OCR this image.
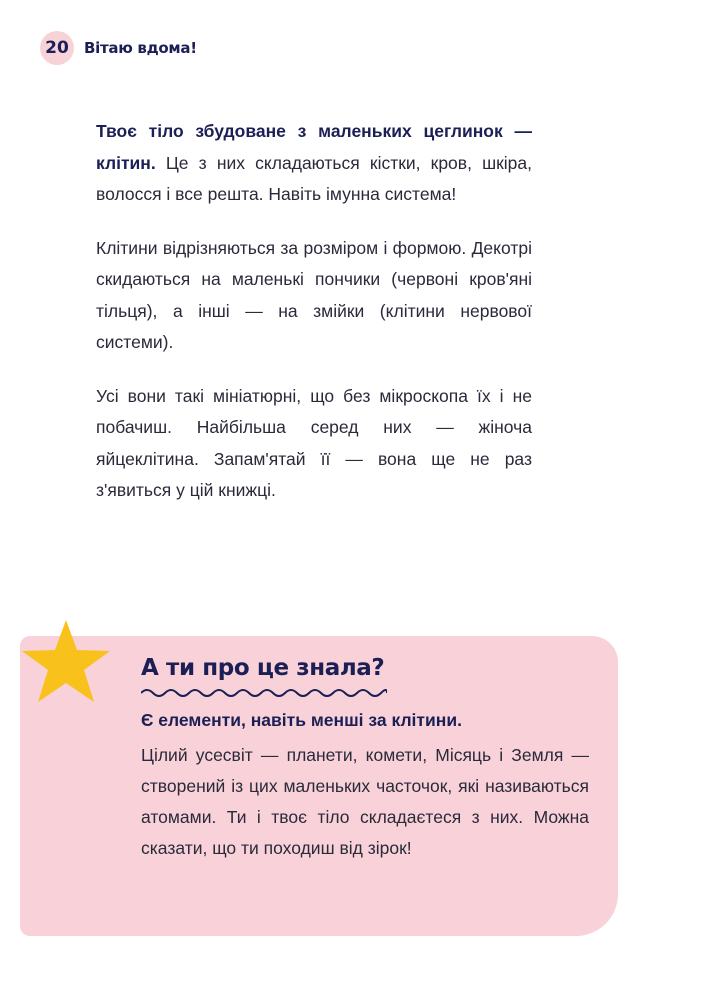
20	Вітаю вдома!

Твоє тіло збудоване з маленьких цеглинок — клітин. Це з них складаються кістки, кров, шкіра, волосся і все решта. Навіть імунна система!

Клітини відрізняються за розміром і формою. Декотрі скидаються на маленькі пончики (червоні кров'яні тільця), а інші — на змійки (клітини нервової системи).

Усі вони такі мініатюрні, що без мікроскопа їх і не побачиш. Найбільша серед них — жіноча яйцеклітина. Запам'ятай її — вона ще не раз з'явиться у цій книжці.

А ти про це знала?

Є елементи, навіть менші за клітини.

Цілий усесвіт — планети, комети, Місяць і Земля — створений із цих маленьких часточок, які називаються атомами. Ти і твоє тіло складаєтеся з них. Можна сказати, що ти походиш від зірок!
